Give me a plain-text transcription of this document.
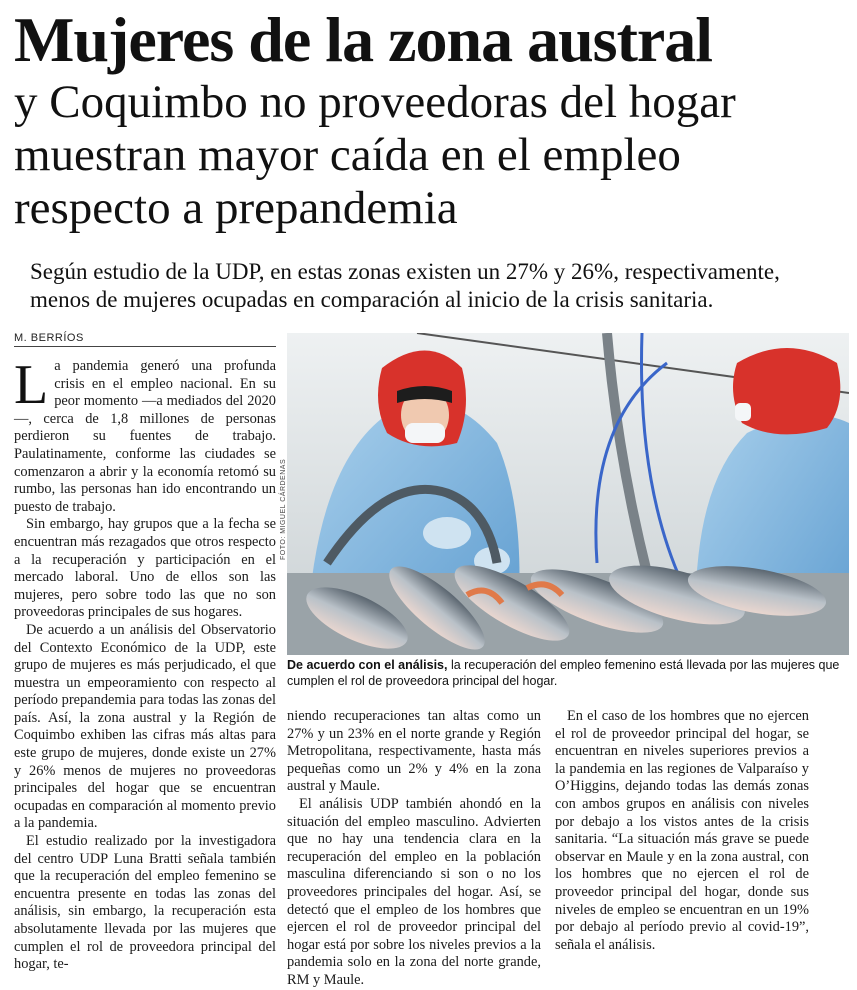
Mujeres de la zona austral
y Coquimbo no proveedoras del hogar
muestran mayor caída en el empleo
respecto a prepandemia
Según estudio de la UDP, en estas zonas existen un 27% y 26%, respectivamente,
menos de mujeres ocupadas en comparación al inicio de la crisis sanitaria.
M. BERRÍOS

La pandemia generó una profunda crisis en el empleo nacional. En su peor momento —a mediados del 2020—, cerca de 1,8 millones de personas perdieron su fuentes de trabajo. Paulatinamente, conforme las ciudades se comenzaron a abrir y la economía retomó su rumbo, las personas han ido encontrando un puesto de trabajo.

Sin embargo, hay grupos que a la fecha se encuentran más rezagados que otros respecto a la recuperación y participación en el mercado laboral. Uno de ellos son las mujeres, pero sobre todo las que no son proveedoras principales de sus hogares.

De acuerdo a un análisis del Observatorio del Contexto Económico de la UDP, este grupo de mujeres es más perjudicado, el que muestra un empeoramiento con respecto al período prepandemia para todas las zonas del país. Así, la zona austral y la Región de Coquimbo exhiben las cifras más altas para este grupo de mujeres, donde existe un 27% y 26% menos de mujeres no proveedoras principales del hogar que se encuentran ocupadas en comparación al momento previo a la pandemia.

El estudio realizado por la investigadora del centro UDP Luna Bratti señala también que la recuperación del empleo femenino se encuentra presente en todas las zonas del análisis, sin embargo, la recuperación esta absolutamente llevada por las mujeres que cumplen el rol de proveedora principal del hogar, te-

FOTO: MIGUEL CÁRDENAS
De acuerdo con el análisis, la recuperación del empleo femenino está llevada por las mujeres que cumplen el rol de proveedora principal del hogar.

niendo recuperaciones tan altas como un 27% y un 23% en el norte grande y Región Metropolitana, respectivamente, hasta más pequeñas como un 2% y 4% en la zona austral y Maule.

El análisis UDP también ahondó en la situación del empleo masculino. Advierten que no hay una tendencia clara en la recuperación del empleo en la población masculina diferenciando si son o no los proveedores principales del hogar. Así, se detectó que el empleo de los hombres que ejercen el rol de proveedor principal del hogar está por sobre los niveles previos a la pandemia solo en la zona del norte grande, RM y Maule.

En el caso de los hombres que no ejercen el rol de proveedor principal del hogar, se encuentran en niveles superiores previos a la pandemia en las regiones de Valparaíso y O’Higgins, dejando todas las demás zonas con ambos grupos en análisis con niveles por debajo a los vistos antes de la crisis sanitaria. “La situación más grave se puede observar en Maule y en la zona austral, con los hombres que no ejercen el rol de proveedor principal del hogar, donde sus niveles de empleo se encuentran en un 19% por debajo al período previo al covid-19”, señala el análisis.
